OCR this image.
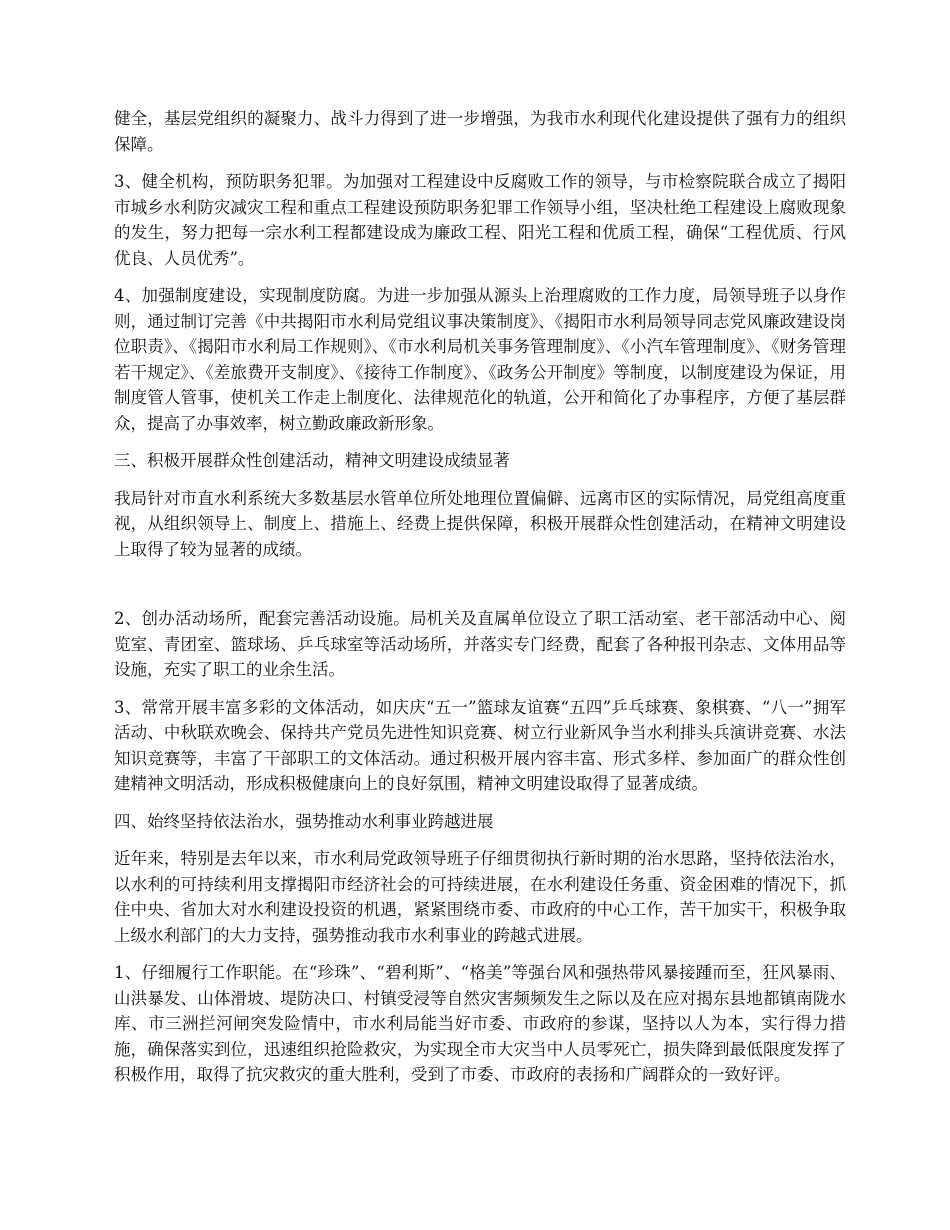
健全，基层党组织的凝聚力、战斗力得到了进一步增强，为我市水利现代化建设提供了强有力的组织保障。

3、健全机构，预防职务犯罪。为加强对工程建设中反腐败工作的领导，与市检察院联合成立了揭阳市城乡水利防灾减灾工程和重点工程建设预防职务犯罪工作领导小组，坚决杜绝工程建设上腐败现象的发生，努力把每一宗水利工程都建设成为廉政工程、阳光工程和优质工程，确保“工程优质、行风优良、人员优秀”。

4、加强制度建设，实现制度防腐。为进一步加强从源头上治理腐败的工作力度，局领导班子以身作则，通过制订完善《中共揭阳市水利局党组议事决策制度》、《揭阳市水利局领导同志党风廉政建设岗位职责》、《揭阳市水利局工作规则》、《市水利局机关事务管理制度》、《小汽车管理制度》、《财务管理若干规定》、《差旅费开支制度》、《接待工作制度》、《政务公开制度》等制度，以制度建设为保证，用制度管人管事，使机关工作走上制度化、法律规范化的轨道，公开和简化了办事程序，方便了基层群众，提高了办事效率，树立勤政廉政新形象。

三、积极开展群众性创建活动，精神文明建设成绩显著

我局针对市直水利系统大多数基层水管单位所处地理位置偏僻、远离市区的实际情况，局党组高度重视，从组织领导上、制度上、措施上、经费上提供保障，积极开展群众性创建活动，在精神文明建设上取得了较为显著的成绩。

2、创办活动场所，配套完善活动设施。局机关及直属单位设立了职工活动室、老干部活动中心、阅览室、青团室、篮球场、乒乓球室等活动场所，并落实专门经费，配套了各种报刊杂志、文体用品等设施，充实了职工的业余生活。

3、常常开展丰富多彩的文体活动，如庆庆“五一”篮球友谊赛“五四”乒乓球赛、象棋赛、“八一”拥军活动、中秋联欢晚会、保持共产党员先进性知识竞赛、树立行业新风争当水利排头兵演讲竞赛、水法知识竞赛等，丰富了干部职工的文体活动。通过积极开展内容丰富、形式多样、参加面广的群众性创建精神文明活动，形成积极健康向上的良好氛围，精神文明建设取得了显著成绩。

四、始终坚持依法治水，强势推动水利事业跨越进展

近年来，特别是去年以来，市水利局党政领导班子仔细贯彻执行新时期的治水思路，坚持依法治水，以水利的可持续利用支撑揭阳市经济社会的可持续进展，在水利建设任务重、资金困难的情况下，抓住中央、省加大对水利建设投资的机遇，紧紧围绕市委、市政府的中心工作，苦干加实干，积极争取上级水利部门的大力支持，强势推动我市水利事业的跨越式进展。

1、仔细履行工作职能。在“珍珠”、“碧利斯”、“格美”等强台风和强热带风暴接踵而至，狂风暴雨、山洪暴发、山体滑坡、堤防决口、村镇受浸等自然灾害频频发生之际以及在应对揭东县地都镇南陇水库、市三洲拦河闸突发险情中，市水利局能当好市委、市政府的参谋，坚持以人为本，实行得力措施，确保落实到位，迅速组织抢险救灾，为实现全市大灾当中人员零死亡，损失降到最低限度发挥了积极作用，取得了抗灾救灾的重大胜利，受到了市委、市政府的表扬和广阔群众的一致好评。
